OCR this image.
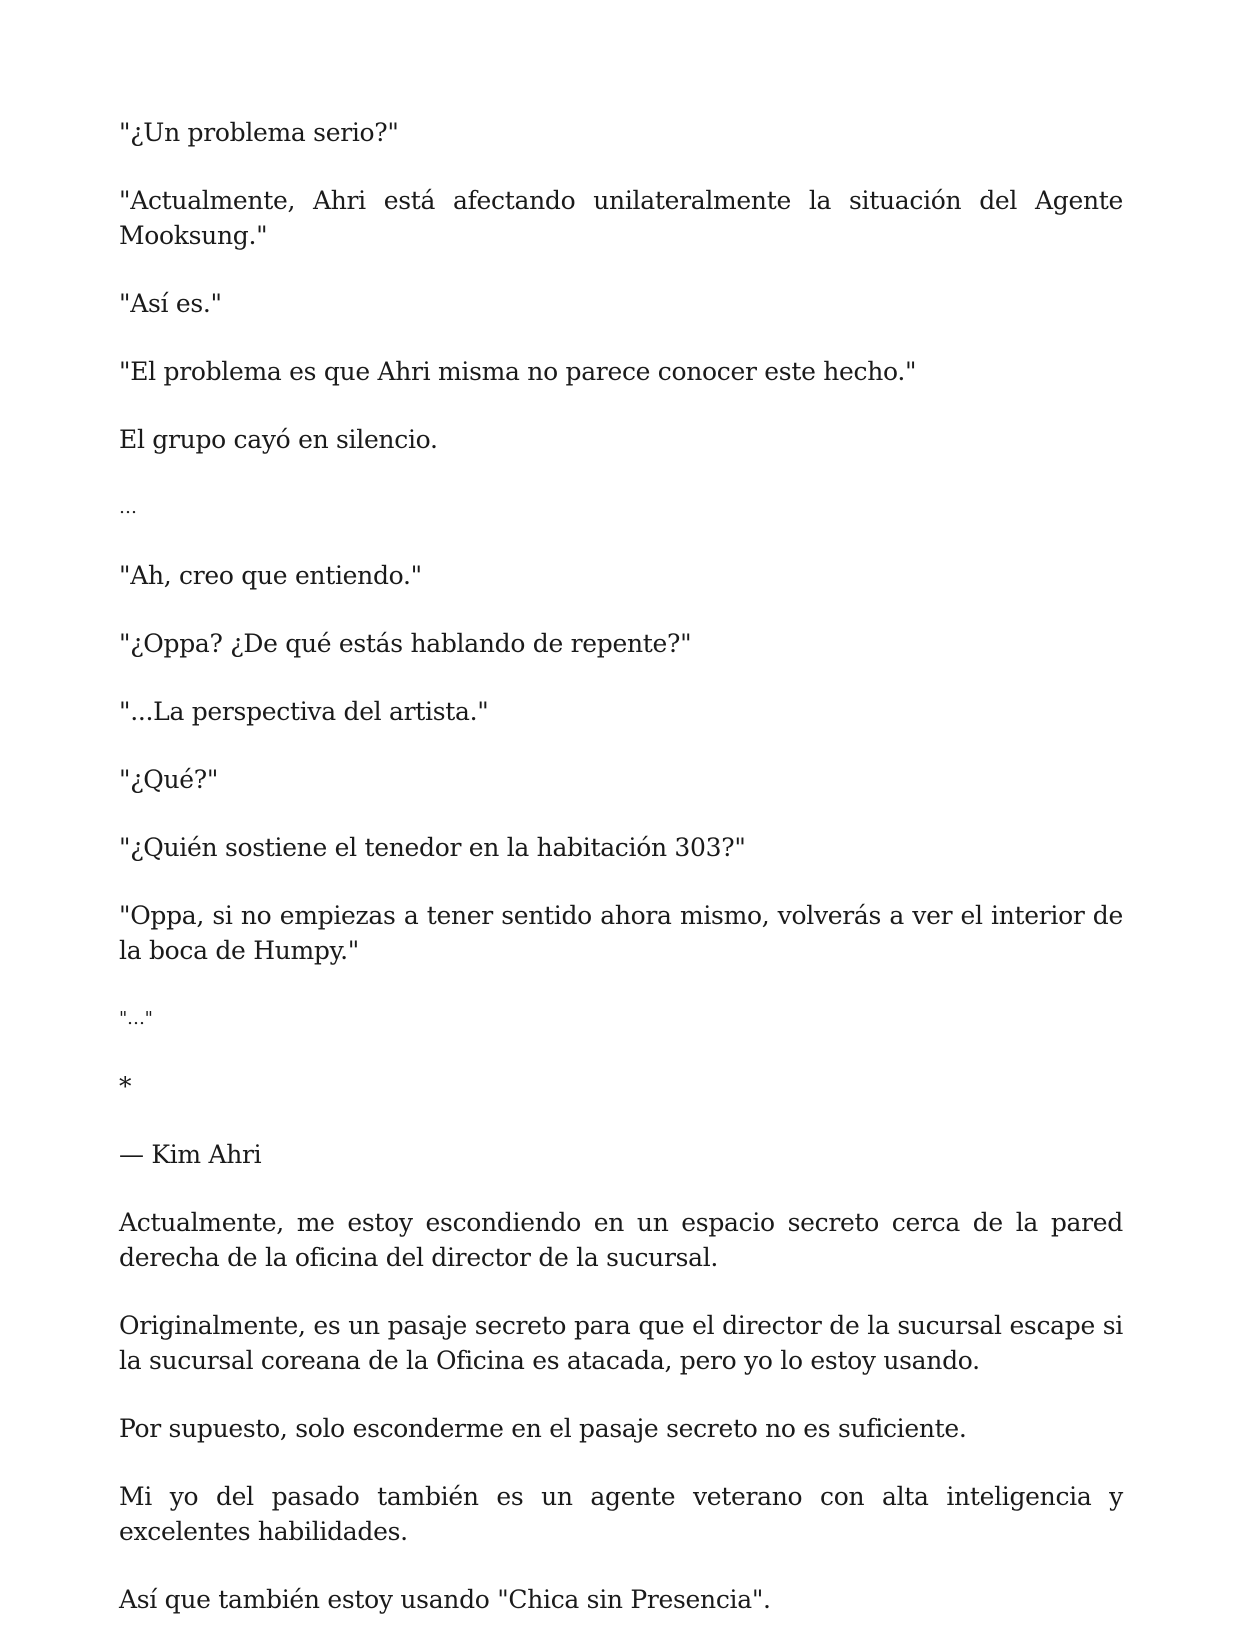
"¿Un problema serio?"

"Actualmente, Ahri está afectando unilateralmente la situación del Agente Mooksung."

"Así es."

"El problema es que Ahri misma no parece conocer este hecho."

El grupo cayó en silencio.

…

"Ah, creo que entiendo."

"¿Oppa? ¿De qué estás hablando de repente?"

"...La perspectiva del artista."

"¿Qué?"

"¿Quién sostiene el tenedor en la habitación 303?"

"Oppa, si no empiezas a tener sentido ahora mismo, volverás a ver el interior de la boca de Humpy."

"…"

*

— Kim Ahri

Actualmente, me estoy escondiendo en un espacio secreto cerca de la pared derecha de la oficina del director de la sucursal.

Originalmente, es un pasaje secreto para que el director de la sucursal escape si la sucursal coreana de la Oficina es atacada, pero yo lo estoy usando.

Por supuesto, solo esconderme en el pasaje secreto no es suficiente.

Mi yo del pasado también es un agente veterano con alta inteligencia y excelentes habilidades.

Así que también estoy usando "Chica sin Presencia".
